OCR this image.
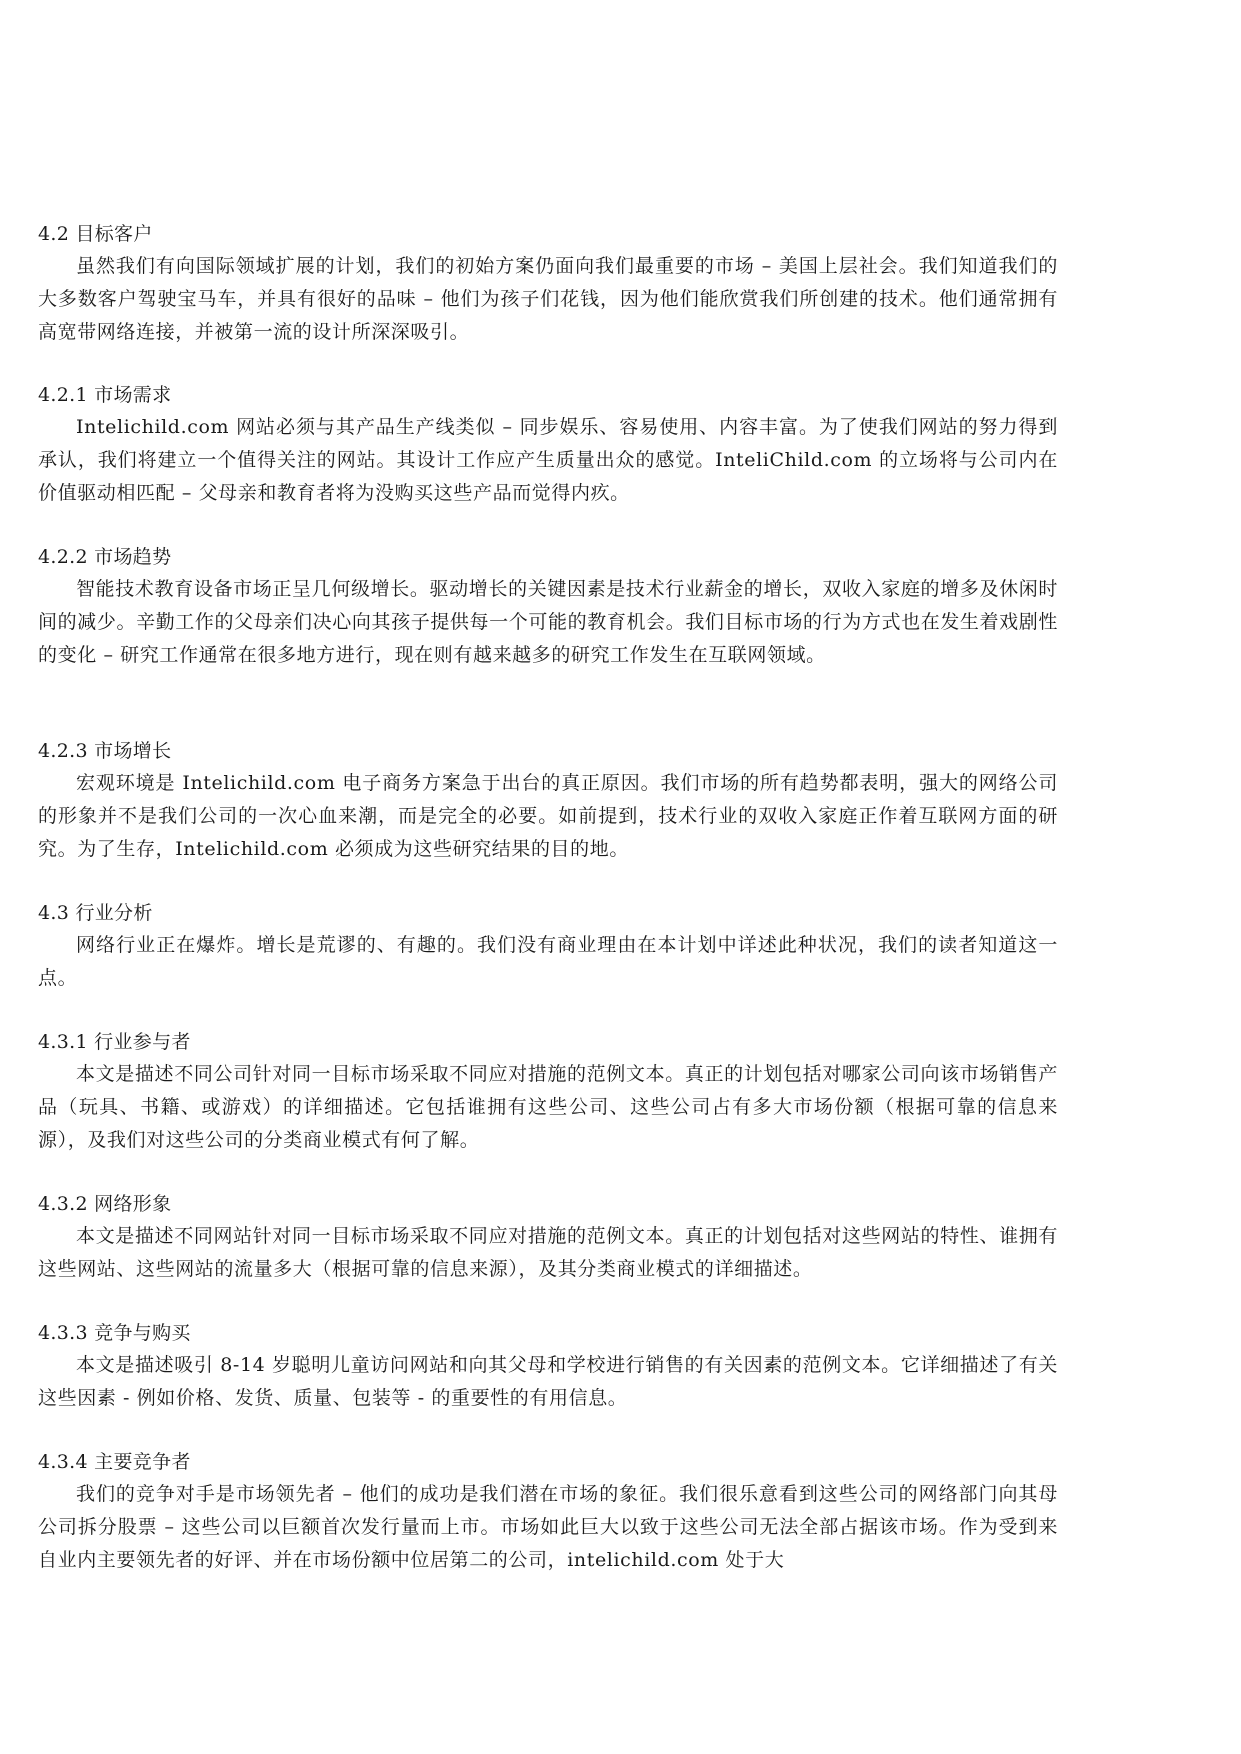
4.2 目标客户
虽然我们有向国际领域扩展的计划，我们的初始方案仍面向我们最重要的市场 – 美国上层社会。我们知道我们的大多数客户驾驶宝马车，并具有很好的品味 – 他们为孩子们花钱，因为他们能欣赏我们所创建的技术。他们通常拥有高宽带网络连接，并被第一流的设计所深深吸引。
4.2.1 市场需求
Intelichild.com 网站必须与其产品生产线类似 – 同步娱乐、容易使用、内容丰富。为了使我们网站的努力得到承认，我们将建立一个值得关注的网站。其设计工作应产生质量出众的感觉。InteliChild.com 的立场将与公司内在价值驱动相匹配 – 父母亲和教育者将为没购买这些产品而觉得内疚。
4.2.2 市场趋势
智能技术教育设备市场正呈几何级增长。驱动增长的关键因素是技术行业薪金的增长，双收入家庭的增多及休闲时间的减少。辛勤工作的父母亲们决心向其孩子提供每一个可能的教育机会。我们目标市场的行为方式也在发生着戏剧性的变化 – 研究工作通常在很多地方进行，现在则有越来越多的研究工作发生在互联网领域。
4.2.3 市场增长
宏观环境是 Intelichild.com 电子商务方案急于出台的真正原因。我们市场的所有趋势都表明，强大的网络公司的形象并不是我们公司的一次心血来潮，而是完全的必要。如前提到，技术行业的双收入家庭正作着互联网方面的研究。为了生存，Intelichild.com 必须成为这些研究结果的目的地。
4.3 行业分析
网络行业正在爆炸。增长是荒谬的、有趣的。我们没有商业理由在本计划中详述此种状况，我们的读者知道这一点。
4.3.1 行业参与者
本文是描述不同公司针对同一目标市场采取不同应对措施的范例文本。真正的计划包括对哪家公司向该市场销售产品（玩具、书籍、或游戏）的详细描述。它包括谁拥有这些公司、这些公司占有多大市场份额（根据可靠的信息来源），及我们对这些公司的分类商业模式有何了解。
4.3.2 网络形象
本文是描述不同网站针对同一目标市场采取不同应对措施的范例文本。真正的计划包括对这些网站的特性、谁拥有这些网站、这些网站的流量多大（根据可靠的信息来源），及其分类商业模式的详细描述。
4.3.3 竞争与购买
本文是描述吸引 8-14 岁聪明儿童访问网站和向其父母和学校进行销售的有关因素的范例文本。它详细描述了有关这些因素 - 例如价格、发货、质量、包装等 - 的重要性的有用信息。
4.3.4 主要竞争者
我们的竞争对手是市场领先者 – 他们的成功是我们潜在市场的象征。我们很乐意看到这些公司的网络部门向其母公司拆分股票 – 这些公司以巨额首次发行量而上市。市场如此巨大以致于这些公司无法全部占据该市场。作为受到来自业内主要领先者的好评、并在市场份额中位居第二的公司，intelichild.com 处于大
